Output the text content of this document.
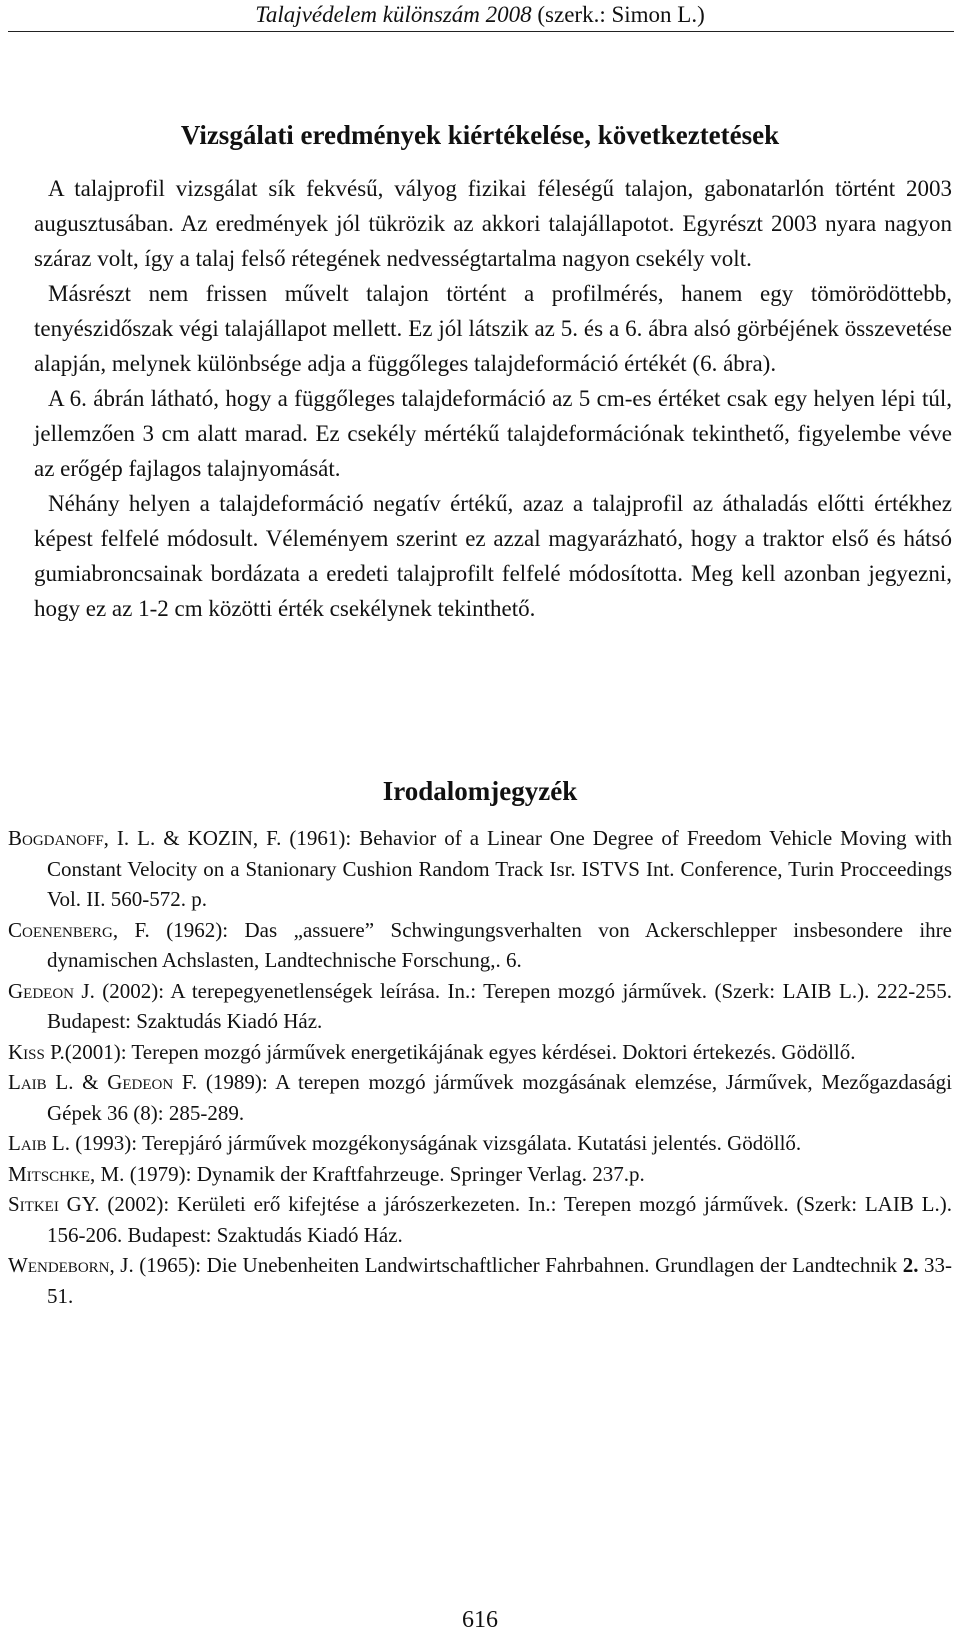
Talajvédelem különszám 2008 (szerk.: Simon L.)
Vizsgálati eredmények kiértékelése, következtetések

A talajprofil vizsgálat sík fekvésű, vályog fizikai féleségű talajon, gabonatarlón történt 2003 augusztusában. Az eredmények jól tükrözik az akkori talajállapotot. Egyrészt 2003 nyara nagyon száraz volt, így a talaj felső rétegének nedvességtartalma nagyon csekély volt.

Másrészt nem frissen művelt talajon történt a profilmérés, hanem egy tömörödöttebb, tenyészidőszak végi talajállapot mellett. Ez jól látszik az 5. és a 6. ábra alsó görbéjének összevetése alapján, melynek különbsége adja a függőleges talajdeformáció értékét (6. ábra).

A 6. ábrán látható, hogy a függőleges talajdeformáció az 5 cm-es értéket csak egy helyen lépi túl, jellemzően 3 cm alatt marad. Ez csekély mértékű talajdeformációnak tekinthető, figyelembe véve az erőgép fajlagos talajnyomását.

Néhány helyen a talajdeformáció negatív értékű, azaz a talajprofil az áthaladás előtti értékhez képest felfelé módosult. Véleményem szerint ez azzal magyarázható, hogy a traktor első és hátsó gumiabroncsainak bordázata a eredeti talajprofilt felfelé módosította. Meg kell azonban jegyezni, hogy ez az 1-2 cm közötti érték csekélynek tekinthető.

Irodalomjegyzék

Bogdanoff, I. L. & KOZIN, F. (1961): Behavior of a Linear One Degree of Freedom Vehicle Moving with Constant Velocity on a Stanionary Cushion Random Track Isr. ISTVS Int. Conference, Turin Procceedings Vol. II. 560-572. p.

Coenenberg, F. (1962): Das „assuere” Schwingungsverhalten von Ackerschlepper insbesondere ihre dynamischen Achslasten, Landtechnische Forschung,. 6.

Gedeon J. (2002): A terepegyenetlenségek leírása. In.: Terepen mozgó járművek. (Szerk: LAIB L.). 222-255. Budapest: Szaktudás Kiadó Ház.

Kiss P.(2001): Terepen mozgó járművek energetikájának egyes kérdései. Doktori értekezés. Gödöllő.

Laib L. & Gedeon F. (1989): A terepen mozgó járművek mozgásának elemzése, Járművek, Mezőgazdasági Gépek 36 (8): 285-289.

Laib L. (1993): Terepjáró járművek mozgékonyságának vizsgálata. Kutatási jelentés. Gödöllő.

Mitschke, M. (1979): Dynamik der Kraftfahrzeuge. Springer Verlag. 237.p.

Sitkei GY. (2002): Kerületi erő kifejtése a járószerkezeten. In.: Terepen mozgó járművek. (Szerk: LAIB L.). 156-206. Budapest: Szaktudás Kiadó Ház.

Wendeborn, J. (1965): Die Unebenheiten Landwirtschaftlicher Fahrbahnen. Grundlagen der Landtechnik 2. 33-51.

616
